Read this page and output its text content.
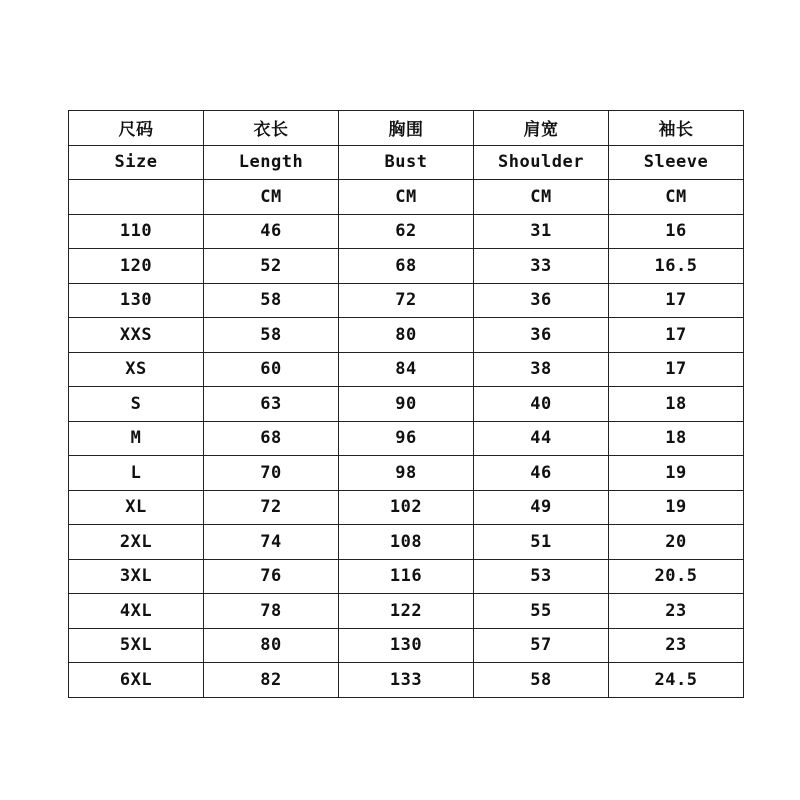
尺码	衣长	胸围	肩宽	袖长
Size	Length	Bust	Shoulder	Sleeve
	CM	CM	CM	CM
110	46	62	31	16
120	52	68	33	16.5
130	58	72	36	17
XXS	58	80	36	17
XS	60	84	38	17
S	63	90	40	18
M	68	96	44	18
L	70	98	46	19
XL	72	102	49	19
2XL	74	108	51	20
3XL	76	116	53	20.5
4XL	78	122	55	23
5XL	80	130	57	23
6XL	82	133	58	24.5
